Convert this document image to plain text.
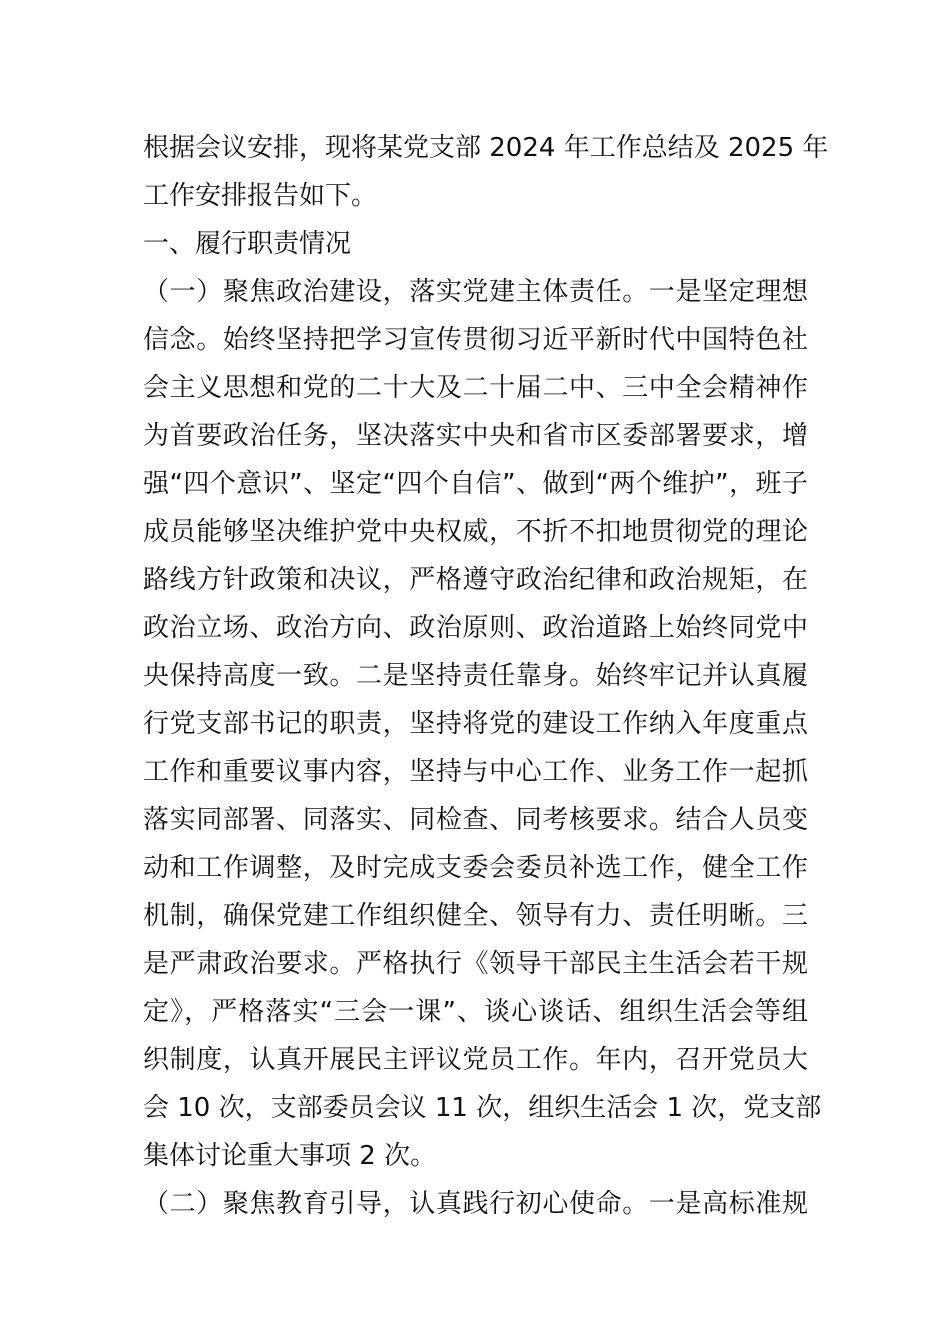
根据会议安排，现将某党支部 2024 年工作总结及 2025 年
工作安排报告如下。
一、履行职责情况
（一）聚焦政治建设，落实党建主体责任。一是坚定理想
信念。始终坚持把学习宣传贯彻习近平新时代中国特色社
会主义思想和党的二十大及二十届二中、三中全会精神作
为首要政治任务，坚决落实中央和省市区委部署要求，增
强“四个意识”、坚定“四个自信”、做到“两个维护”，班子
成员能够坚决维护党中央权威，不折不扣地贯彻党的理论
路线方针政策和决议，严格遵守政治纪律和政治规矩，在
政治立场、政治方向、政治原则、政治道路上始终同党中
央保持高度一致。二是坚持责任靠身。始终牢记并认真履
行党支部书记的职责，坚持将党的建设工作纳入年度重点
工作和重要议事内容，坚持与中心工作、业务工作一起抓
落实同部署、同落实、同检查、同考核要求。结合人员变
动和工作调整，及时完成支委会委员补选工作，健全工作
机制，确保党建工作组织健全、领导有力、责任明晰。三
是严肃政治要求。严格执行《领导干部民主生活会若干规
定》，严格落实“三会一课”、谈心谈话、组织生活会等组
织制度，认真开展民主评议党员工作。年内，召开党员大
会 10 次，支部委员会议 11 次，组织生活会 1 次，党支部
集体讨论重大事项 2 次。
（二）聚焦教育引导，认真践行初心使命。一是高标准规
